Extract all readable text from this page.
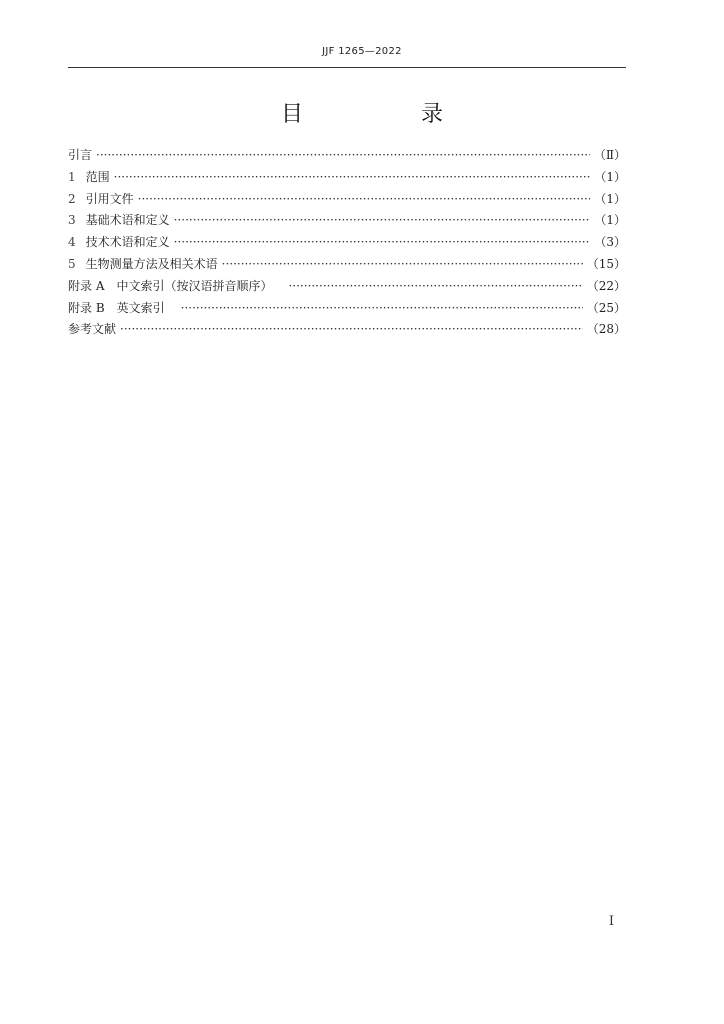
JJF 1265—2022
目　录
引言 ·····	（Ⅱ）
1 范围 ·····	（1）
2 引用文件 ·····	（1）
3 基础术语和定义 ·····	（1）
4 技术术语和定义 ·····	（3）
5 生物测量方法及相关术语 ·····	（15）
附录 A　中文索引（按汉语拼音顺序） ·····	（22）
附录 B　英文索引 ·····	（25）
参考文献 ·····	（28）
I
